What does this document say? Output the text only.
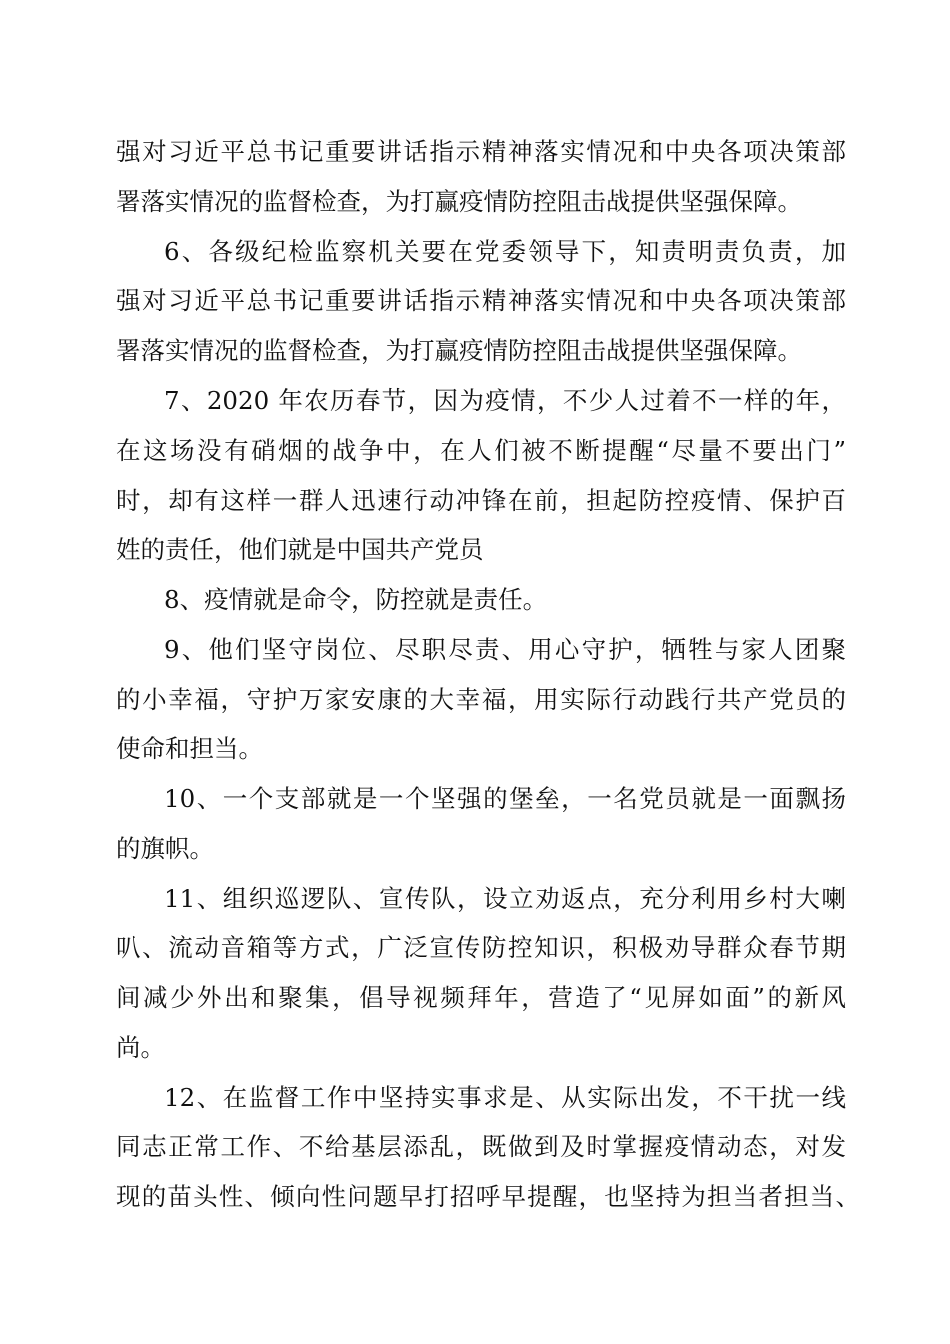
强对习近平总书记重要讲话指示精神落实情况和中央各项决策部
署落实情况的监督检查，为打赢疫情防控阻击战提供坚强保障。
6、各级纪检监察机关要在党委领导下，知责明责负责，加
强对习近平总书记重要讲话指示精神落实情况和中央各项决策部
署落实情况的监督检查，为打赢疫情防控阻击战提供坚强保障。
7、2020 年农历春节，因为疫情，不少人过着不一样的年，
在这场没有硝烟的战争中，在人们被不断提醒“尽量不要出门”
时，却有这样一群人迅速行动冲锋在前，担起防控疫情、保护百
姓的责任，他们就是中国共产党员
8、疫情就是命令，防控就是责任。
9、他们坚守岗位、尽职尽责、用心守护，牺牲与家人团聚
的小幸福，守护万家安康的大幸福，用实际行动践行共产党员的
使命和担当。
10、一个支部就是一个坚强的堡垒，一名党员就是一面飘扬
的旗帜。
11、组织巡逻队、宣传队，设立劝返点，充分利用乡村大喇
叭、流动音箱等方式，广泛宣传防控知识，积极劝导群众春节期
间减少外出和聚集，倡导视频拜年，营造了“见屏如面”的新风
尚。
12、在监督工作中坚持实事求是、从实际出发，不干扰一线
同志正常工作、不给基层添乱，既做到及时掌握疫情动态，对发
现的苗头性、倾向性问题早打招呼早提醒，也坚持为担当者担当、
